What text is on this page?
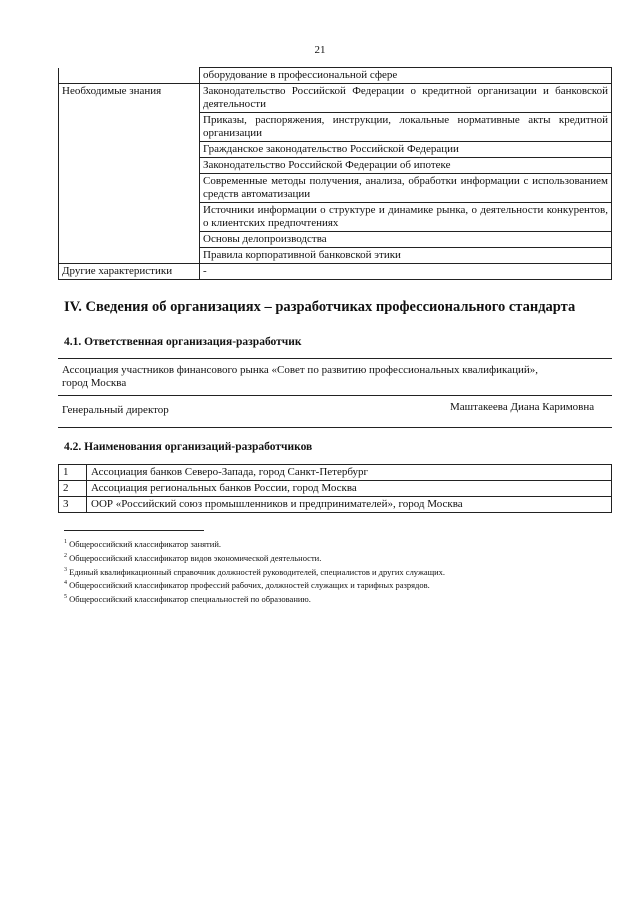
21
	оборудование в профессиональной сфере
Необходимые знания	Законодательство Российской Федерации о кредитной организации и банковской деятельности
	Приказы, распоряжения, инструкции, локальные нормативные акты кредитной организации
	Гражданское законодательство Российской Федерации
	Законодательство Российской Федерации об ипотеке
	Современные методы получения, анализа, обработки информации с использованием средств автоматизации
	Источники информации о структуре и динамике рынка, о деятельности конкурентов, о клиентских предпочтениях
	Основы делопроизводства
	Правила корпоративной банковской этики
Другие характеристики	-
IV. Сведения об организациях – разработчиках профессионального стандарта
4.1. Ответственная организация-разработчик
Ассоциация участников финансового рынка «Совет по развитию профессиональных квалификаций», город Москва
Генеральный директор	Маштакеева Диана Каримовна
4.2. Наименования организаций-разработчиков
1	Ассоциация банков Северо-Запада, город Санкт-Петербург
2	Ассоциация региональных банков России, город Москва
3	ООР «Российский союз промышленников и предпринимателей», город Москва
$^1$ Общероссийский классификатор занятий.
$^2$ Общероссийский классификатор видов экономической деятельности.
$^3$ Единый квалификационный справочник должностей руководителей, специалистов и других служащих.
$^4$ Общероссийский классификатор профессий рабочих, должностей служащих и тарифных разрядов.
$^5$ Общероссийский классификатор специальностей по образованию.
